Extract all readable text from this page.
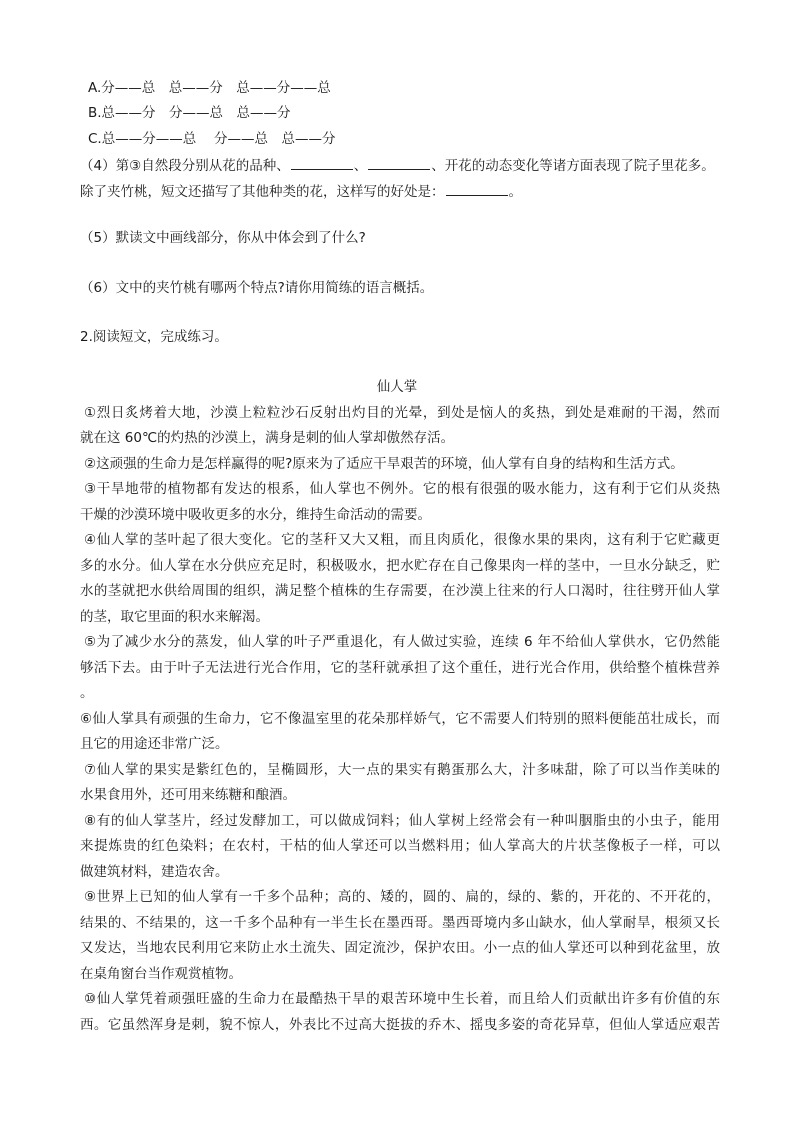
A.分——总　总——分　总——分——总
B.总——分　分——总　总——分
C.总——分——总　 分——总　总——分
（4）第③自然段分别从花的品种、	、	、开花的动态变化等诸方面表现了院子里花多。
除了夹竹桃，短文还描写了其他种类的花，这样写的好处是：	。
（5）默读文中画线部分，你从中体会到了什么?
（6）文中的夹竹桃有哪两个特点?请你用简练的语言概括。
2.阅读短文，完成练习。
仙人掌
①烈日炙烤着大地，沙漠上粒粒沙石反射出灼目的光晕，到处是恼人的炙热，到处是难耐的干渴，然而
就在这 60℃的灼热的沙漠上，满身是刺的仙人掌却傲然存活。
②这顽强的生命力是怎样赢得的呢?原来为了适应干旱艰苦的环境，仙人掌有自身的结构和生活方式。
③干旱地带的植物都有发达的根系，仙人掌也不例外。它的根有很强的吸水能力，这有利于它们从炎热
干燥的沙漠环境中吸收更多的水分，维持生命活动的需要。
④仙人掌的茎叶起了很大变化。它的茎秆又大又粗，而且肉质化，很像水果的果肉，这有利于它贮藏更
多的水分。仙人掌在水分供应充足时，积极吸水，把水贮存在自己像果肉一样的茎中，一旦水分缺乏，贮
水的茎就把水供给周围的组织，满足整个植株的生存需要，在沙漠上往来的行人口渴时，往往劈开仙人掌
的茎，取它里面的积水来解渴。
⑤为了减少水分的蒸发，仙人掌的叶子严重退化，有人做过实验，连续 6 年不给仙人掌供水，它仍然能
够活下去。由于叶子无法进行光合作用，它的茎秆就承担了这个重任，进行光合作用，供给整个植株营养
。
⑥仙人掌具有顽强的生命力，它不像温室里的花朵那样娇气，它不需要人们特别的照料便能茁壮成长，而
且它的用途还非常广泛。
⑦仙人掌的果实是紫红色的，呈椭圆形，大一点的果实有鹅蛋那么大，汁多味甜，除了可以当作美味的
水果食用外，还可用来练糖和酿酒。
⑧有的仙人掌茎片，经过发酵加工，可以做成饲料；仙人掌树上经常会有一种叫胭脂虫的小虫子，能用
来提炼贵的红色染料；在农村，干枯的仙人掌还可以当燃料用；仙人掌高大的片状茎像板子一样，可以
做建筑材料，建造农舍。
⑨世界上已知的仙人掌有一千多个品种；高的、矮的，圆的、扁的，绿的、紫的，开花的、不开花的，
结果的、不结果的，这一千多个品种有一半生长在墨西哥。墨西哥境内多山缺水，仙人掌耐旱，根须又长
又发达，当地农民利用它来防止水土流失、固定流沙，保护农田。小一点的仙人掌还可以种到花盆里，放
在桌角窗台当作观赏植物。
⑩仙人掌凭着顽强旺盛的生命力在最酷热干旱的艰苦环境中生长着，而且给人们贡献出许多有价值的东
西。它虽然浑身是刺，貌不惊人，外表比不过高大挺拔的乔木、摇曳多姿的奇花异草，但仙人掌适应艰苦
